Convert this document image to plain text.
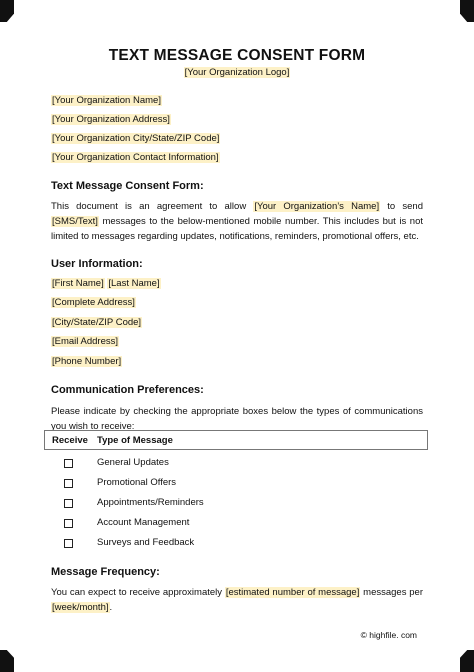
TEXT MESSAGE CONSENT FORM
[Your Organization Logo]
[Your Organization Name]
[Your Organization Address]
[Your Organization City/State/ZIP Code]
[Your Organization Contact Information]
Text Message Consent Form:
This document is an agreement to allow [Your Organization’s Name] to send [SMS/Text] messages to the below-mentioned mobile number. This includes but is not limited to messages regarding updates, notifications, reminders, promotional offers, etc.
User Information:
[First Name] [Last Name]
[Complete Address]
[City/State/ZIP Code]
[Email Address]
[Phone Number]
Communication Preferences:
Please indicate by checking the appropriate boxes below the types of communications you wish to receive:
Receive Type of Message
General Updates
Promotional Offers
Appointments/Reminders
Account Management
Surveys and Feedback
Message Frequency:
You can expect to receive approximately [estimated number of message] messages per [week/month].
© highfile. com
